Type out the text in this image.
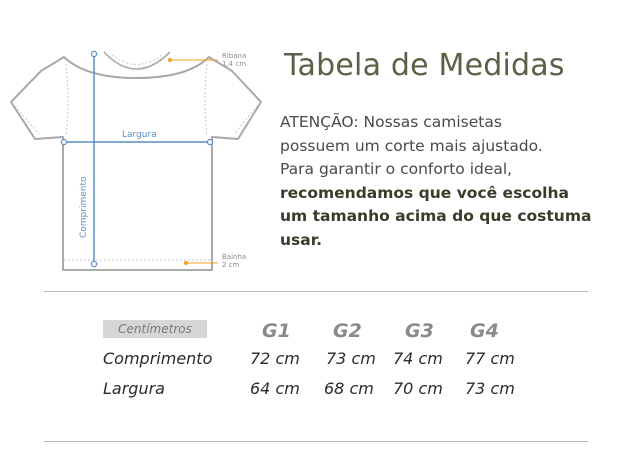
Comprimento
Largura
Ribana
1,4 cm
Bainha
2 cm
Tabela de Medidas
ATENÇÃO: Nossas camisetas
possuem um corte mais ajustado.
Para garantir o conforto ideal,
recomendamos que você escolha
um tamanho acima do que costuma
usar.
Centímetros	G1 G2 G3 G4
Comprimento 72 cm 73 cm 74 cm 77 cm
Largura	64 cm 68 cm 70 cm 73 cm
